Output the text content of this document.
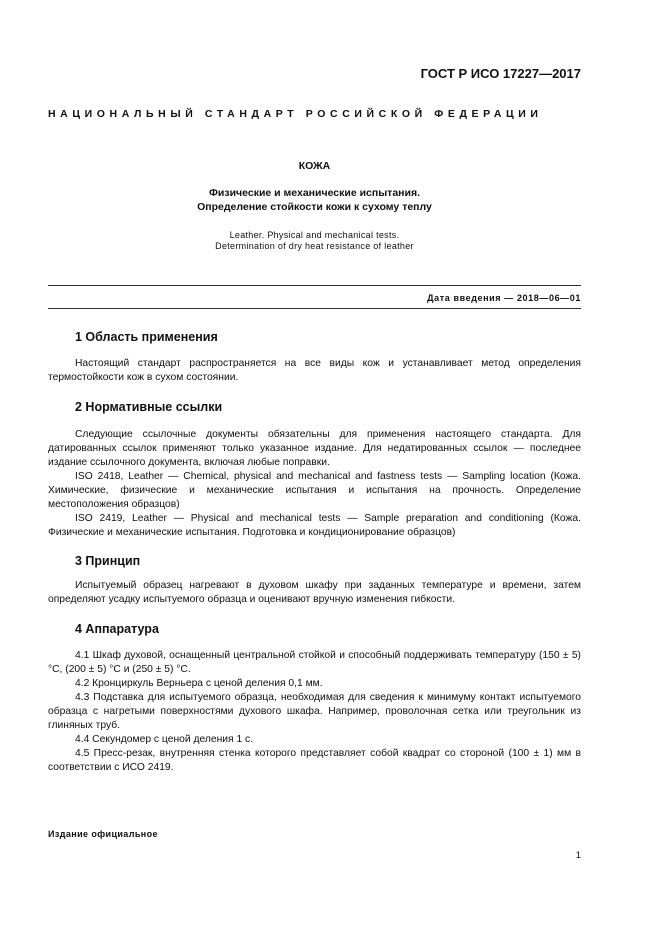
ГОСТ Р ИСО 17227—2017
НАЦИОНАЛЬНЫЙ СТАНДАРТ РОССИЙСКОЙ ФЕДЕРАЦИИ
КОЖА
Физические и механические испытания.
Определение стойкости кожи к сухому теплу
Leather. Physical and mechanical tests.
Determination of dry heat resistance of leather
Дата введения — 2018—06—01
1 Область применения

Настоящий стандарт распространяется на все виды кож и устанавливает метод определения термостойкости кож в сухом состоянии.

2 Нормативные ссылки

Следующие ссылочные документы обязательны для применения настоящего стандарта. Для датированных ссылок применяют только указанное издание. Для недатированных ссылок — последнее издание ссылочного документа, включая любые поправки.

ISO 2418, Leather — Chemical, physical and mechanical and fastness tests — Sampling location (Кожа. Химические, физические и механические испытания и испытания на прочность. Определение местоположения образцов)

ISO 2419, Leather — Physical and mechanical tests — Sample preparation and conditioning (Кожа. Физические и механические испытания. Подготовка и кондиционирование образцов)

3 Принцип

Испытуемый образец нагревают в духовом шкафу при заданных температуре и времени, затем определяют усадку испытуемого образца и оценивают вручную изменения гибкости.

4 Аппаратура

4.1 Шкаф духовой, оснащенный центральной стойкой и способный поддерживать температуру (150 ± 5) °С, (200 ± 5) °С и (250 ± 5) °С.

4.2 Кронциркуль Верньера с ценой деления 0,1 мм.

4.3 Подставка для испытуемого образца, необходимая для сведения к минимуму контакт испытуемого образца с нагретыми поверхностями духового шкафа. Например, проволочная сетка или треугольник из глиняных труб.

4.4 Секундомер с ценой деления 1 с.

4.5 Пресс-резак, внутренняя стенка которого представляет собой квадрат со стороной (100 ± 1) мм в соответствии с ИСО 2419.

Издание официальное
1
